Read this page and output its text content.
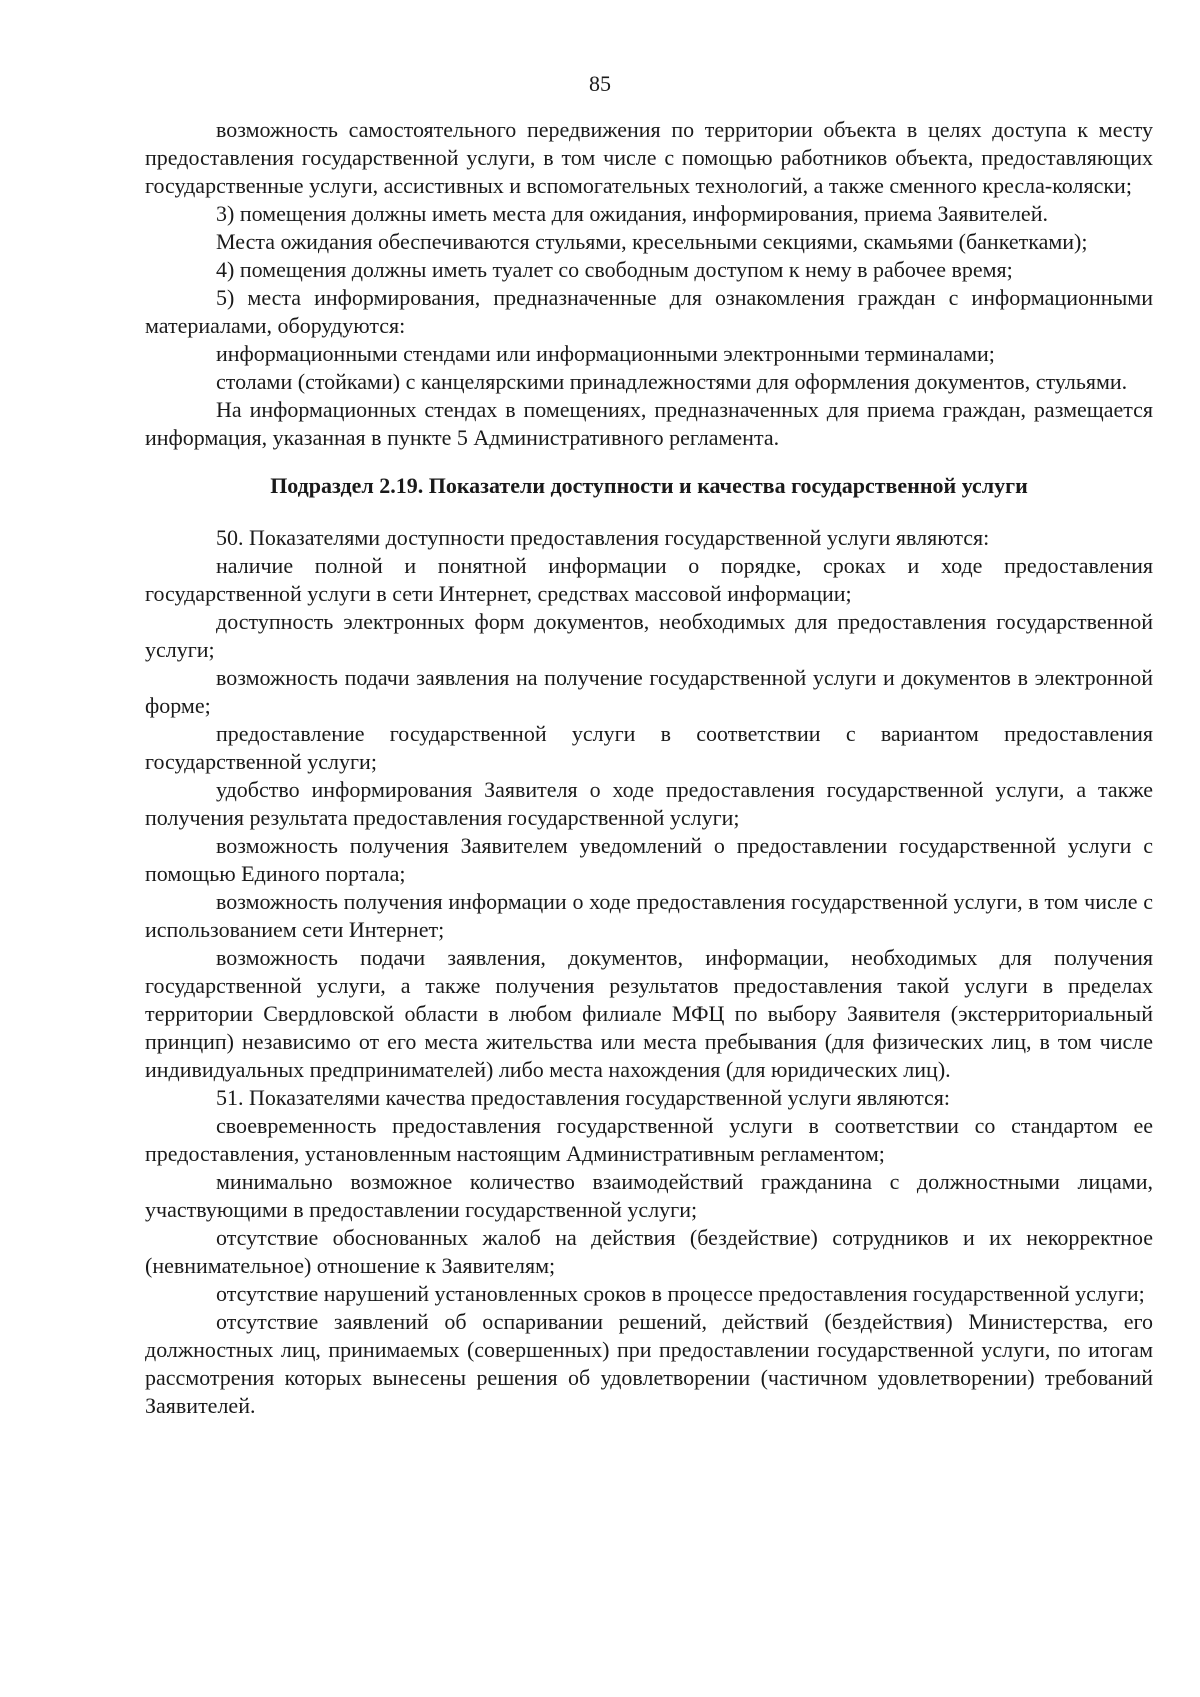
85

возможность самостоятельного передвижения по территории объекта в целях доступа к месту предоставления государственной услуги, в том числе с помощью работников объекта, предоставляющих государственные услуги, ассистивных и вспомогательных технологий, а также сменного кресла-коляски;

3) помещения должны иметь места для ожидания, информирования, приема Заявителей.

Места ожидания обеспечиваются стульями, кресельными секциями, скамьями (банкетками);

4) помещения должны иметь туалет со свободным доступом к нему в рабочее время;

5) места информирования, предназначенные для ознакомления граждан с информационными материалами, оборудуются:

информационными стендами или информационными электронными терминалами;

столами (стойками) с канцелярскими принадлежностями для оформления документов, стульями.

На информационных стендах в помещениях, предназначенных для приема граждан, размещается информация, указанная в пункте 5 Административного регламента.

Подраздел 2.19. Показатели доступности и качества государственной услуги

50. Показателями доступности предоставления государственной услуги являются:

наличие полной и понятной информации о порядке, сроках и ходе предоставления государственной услуги в сети Интернет, средствах массовой информации;

доступность электронных форм документов, необходимых для предоставления государственной услуги;

возможность подачи заявления на получение государственной услуги и документов в электронной форме;

предоставление государственной услуги в соответствии с вариантом предоставления государственной услуги;

удобство информирования Заявителя о ходе предоставления государственной услуги, а также получения результата предоставления государственной услуги;

возможность получения Заявителем уведомлений о предоставлении государственной услуги с помощью Единого портала;

возможность получения информации о ходе предоставления государственной услуги, в том числе с использованием сети Интернет;

возможность подачи заявления, документов, информации, необходимых для получения государственной услуги, а также получения результатов предоставления такой услуги в пределах территории Свердловской области в любом филиале МФЦ по выбору Заявителя (экстерриториальный принцип) независимо от его места жительства или места пребывания (для физических лиц, в том числе индивидуальных предпринимателей) либо места нахождения (для юридических лиц).

51. Показателями качества предоставления государственной услуги являются:

своевременность предоставления государственной услуги в соответствии со стандартом ее предоставления, установленным настоящим Административным регламентом;

минимально возможное количество взаимодействий гражданина с должностными лицами, участвующими в предоставлении государственной услуги;

отсутствие обоснованных жалоб на действия (бездействие) сотрудников и их некорректное (невнимательное) отношение к Заявителям;

отсутствие нарушений установленных сроков в процессе предоставления государственной услуги;

отсутствие заявлений об оспаривании решений, действий (бездействия) Министерства, его должностных лиц, принимаемых (совершенных) при предоставлении государственной услуги, по итогам рассмотрения которых вынесены решения об удовлетворении (частичном удовлетворении) требований Заявителей.
